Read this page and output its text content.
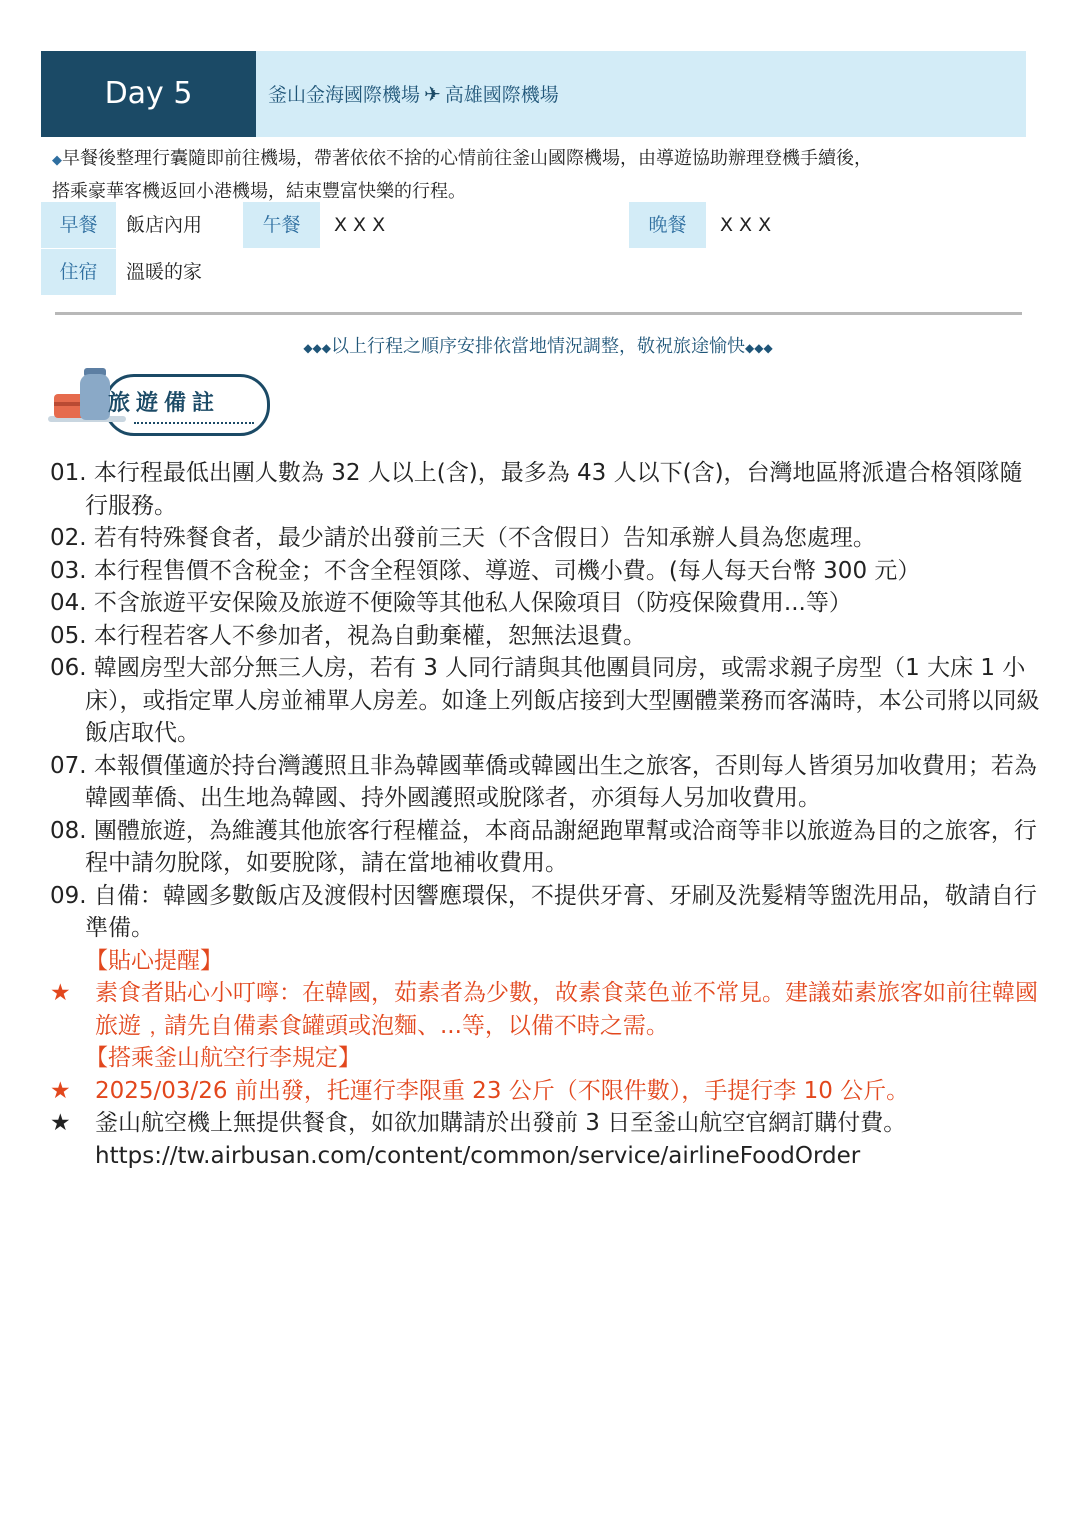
Day 5	釜山金海國際機場 ✈ 高雄國際機場
◆早餐後整理行囊隨即前往機場，帶著依依不捨的心情前往釜山國際機場，由導遊協助辦理登機手續後，
搭乘豪華客機返回小港機場，結束豐富快樂的行程。
早餐	飯店內用	午餐	X X X	晚餐	X X X
住宿	溫暖的家
◆◆◆以上行程之順序安排依當地情況調整，敬祝旅途愉快◆◆◆
旅遊備註
01. 本行程最低出團人數為 32 人以上(含)，最多為 43 人以下(含)，台灣地區將派遣合格領隊隨行服務。
02. 若有特殊餐食者，最少請於出發前三天（不含假日）告知承辦人員為您處理。
03. 本行程售價不含稅金；不含全程領隊、導遊、司機小費。(每人每天台幣 300 元）
04. 不含旅遊平安保險及旅遊不便險等其他私人保險項目（防疫保險費用...等）
05. 本行程若客人不參加者，視為自動棄權，恕無法退費。
06. 韓國房型大部分無三人房，若有 3 人同行請與其他團員同房，或需求親子房型（1 大床 1 小床），或指定單人房並補單人房差。如逢上列飯店接到大型團體業務而客滿時，本公司將以同級飯店取代。
07. 本報價僅適於持台灣護照且非為韓國華僑或韓國出生之旅客，否則每人皆須另加收費用；若為韓國華僑、出生地為韓國、持外國護照或脫隊者，亦須每人另加收費用。
08. 團體旅遊，為維護其他旅客行程權益，本商品謝絕跑單幫或洽商等非以旅遊為目的之旅客，行程中請勿脫隊，如要脫隊，請在當地補收費用。
09. 自備：韓國多數飯店及渡假村因響應環保，不提供牙膏、牙刷及洗髮精等盥洗用品，敬請自行準備。
【貼心提醒】
★ 素食者貼心小叮嚀：在韓國，茹素者為少數，故素食菜色並不常見。建議茹素旅客如前往韓國旅遊﹐請先自備素食罐頭或泡麵、...等，以備不時之需。
【搭乘釜山航空行李規定】
★ 2025/03/26 前出發，托運行李限重 23 公斤（不限件數），手提行李 10 公斤。
★ 釜山航空機上無提供餐食，如欲加購請於出發前 3 日至釜山航空官網訂購付費。
https://tw.airbusan.com/content/common/service/airlineFoodOrder
